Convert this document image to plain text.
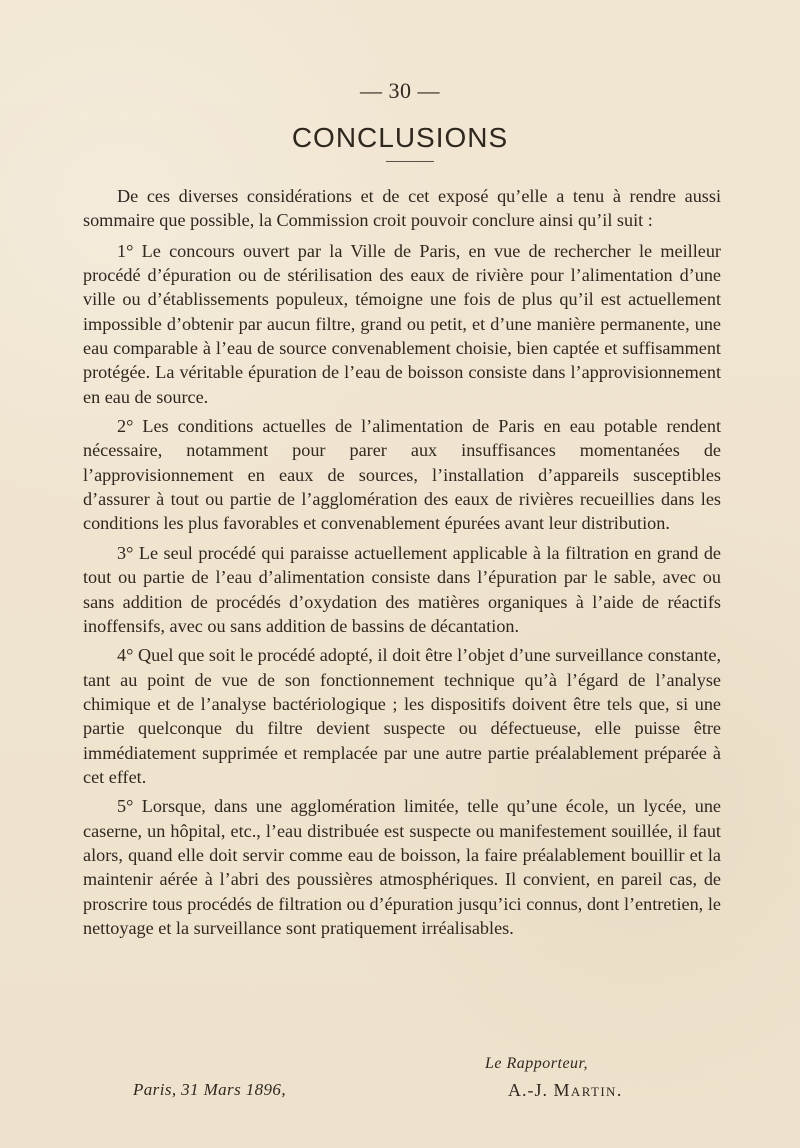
— 30 —
CONCLUSIONS

De ces diverses considérations et de cet exposé qu’elle a tenu à rendre aussi sommaire que possible, la Commission croit pouvoir conclure ainsi qu’il suit :

1° Le concours ouvert par la Ville de Paris, en vue de rechercher le meilleur procédé d’épuration ou de stérilisation des eaux de rivière pour l’alimentation d’une ville ou d’établissements populeux, témoigne une fois de plus qu’il est actuellement impossible d’obtenir par aucun filtre, grand ou petit, et d’une manière permanente, une eau comparable à l’eau de source convenablement choisie, bien captée et suffisamment protégée. La véritable épuration de l’eau de boisson consiste dans l’approvisionnement en eau de source.

2° Les conditions actuelles de l’alimentation de Paris en eau potable rendent nécessaire, notamment pour parer aux insuffisances momentanées de l’approvisionnement en eaux de sources, l’installation d’appareils susceptibles d’assurer à tout ou partie de l’agglomération des eaux de rivières recueillies dans les conditions les plus favorables et convenablement épurées avant leur distribution.

3° Le seul procédé qui paraisse actuellement applicable à la filtration en grand de tout ou partie de l’eau d’alimentation consiste dans l’épuration par le sable, avec ou sans addition de procédés d’oxydation des matières organiques à l’aide de réactifs inoffensifs, avec ou sans addition de bassins de décantation.

4° Quel que soit le procédé adopté, il doit être l’objet d’une surveillance constante, tant au point de vue de son fonctionnement technique qu’à l’égard de l’analyse chimique et de l’analyse bactériologique ; les dispositifs doivent être tels que, si une partie quelconque du filtre devient suspecte ou défectueuse, elle puisse être immédiatement supprimée et remplacée par une autre partie préalablement préparée à cet effet.

5° Lorsque, dans une agglomération limitée, telle qu’une école, un lycée, une caserne, un hôpital, etc., l’eau distribuée est suspecte ou manifestement souillée, il faut alors, quand elle doit servir comme eau de boisson, la faire préalablement bouillir et la maintenir aérée à l’abri des poussières atmosphériques. Il convient, en pareil cas, de proscrire tous procédés de filtration ou d’épuration jusqu’ici connus, dont l’entretien, le nettoyage et la surveillance sont pratiquement irréalisables.

Le Rapporteur,
Paris, 31 Mars 1896,	A.-J. Martin.
